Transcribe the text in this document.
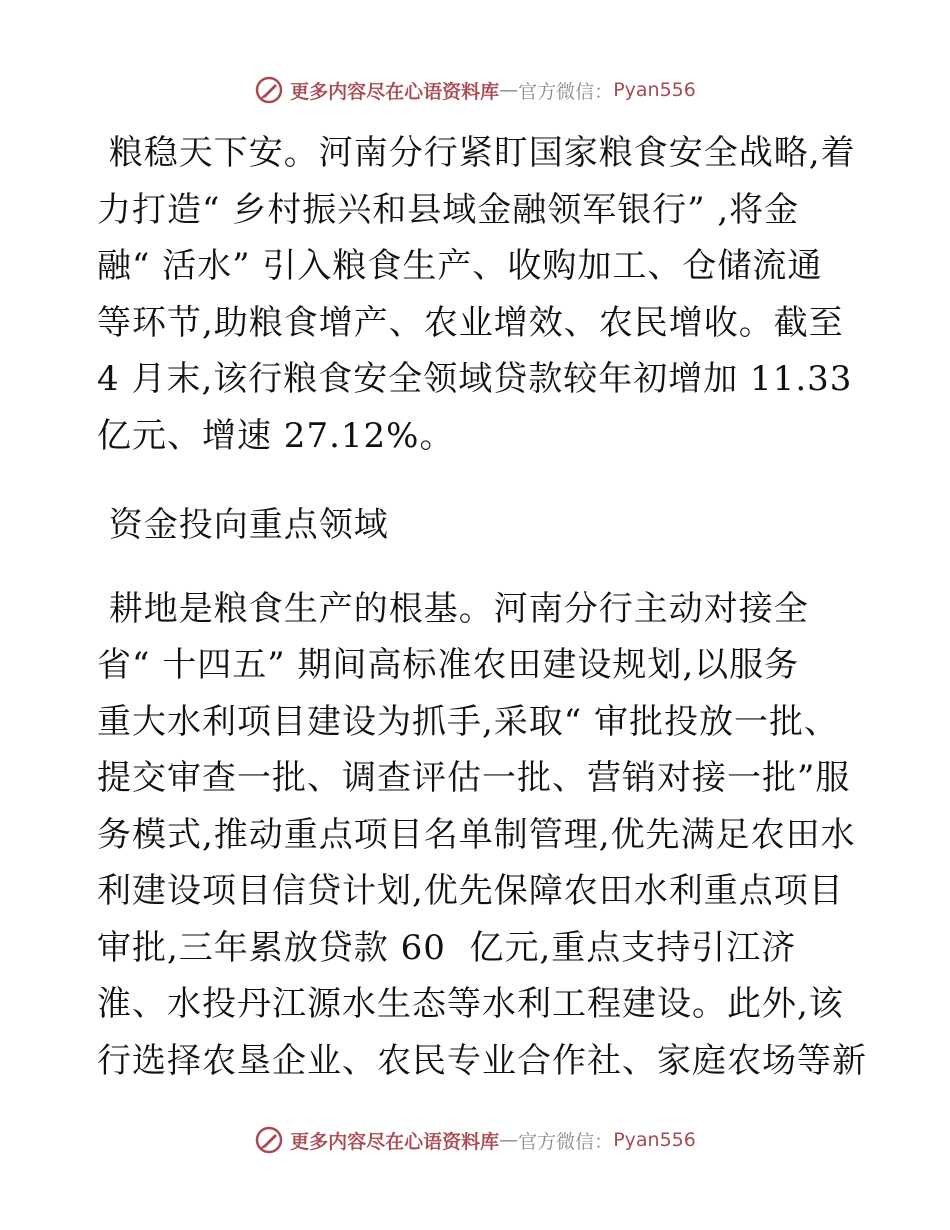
更多内容尽在心语资料库 — 官方微信： Pyan556

粮稳天下安。河南分行紧盯国家粮食安全战略,着

力打造“ 乡村振兴和县域金融领军银行” ,将金

融“ 活水” 引入粮食生产、收购加工、仓储流通

等环节,助粮食增产、农业增效、农民增收。截至

4 月末,该行粮食安全领域贷款较年初增加 11.33

亿元、增速 27.12%。

资金投向重点领域

耕地是粮食生产的根基。河南分行主动对接全

省“ 十四五” 期间高标准农田建设规划,以服务

重大水利项目建设为抓手,采取“ 审批投放一批、

提交审查一批、调查评估一批、营销对接一批”服

务模式,推动重点项目名单制管理,优先满足农田水

利建设项目信贷计划,优先保障农田水利重点项目

审批,三年累放贷款 60  亿元,重点支持引江济

淮、水投丹江源水生态等水利工程建设。此外,该

行选择农垦企业、农民专业合作社、家庭农场等新

更多内容尽在心语资料库 — 官方微信： Pyan556
